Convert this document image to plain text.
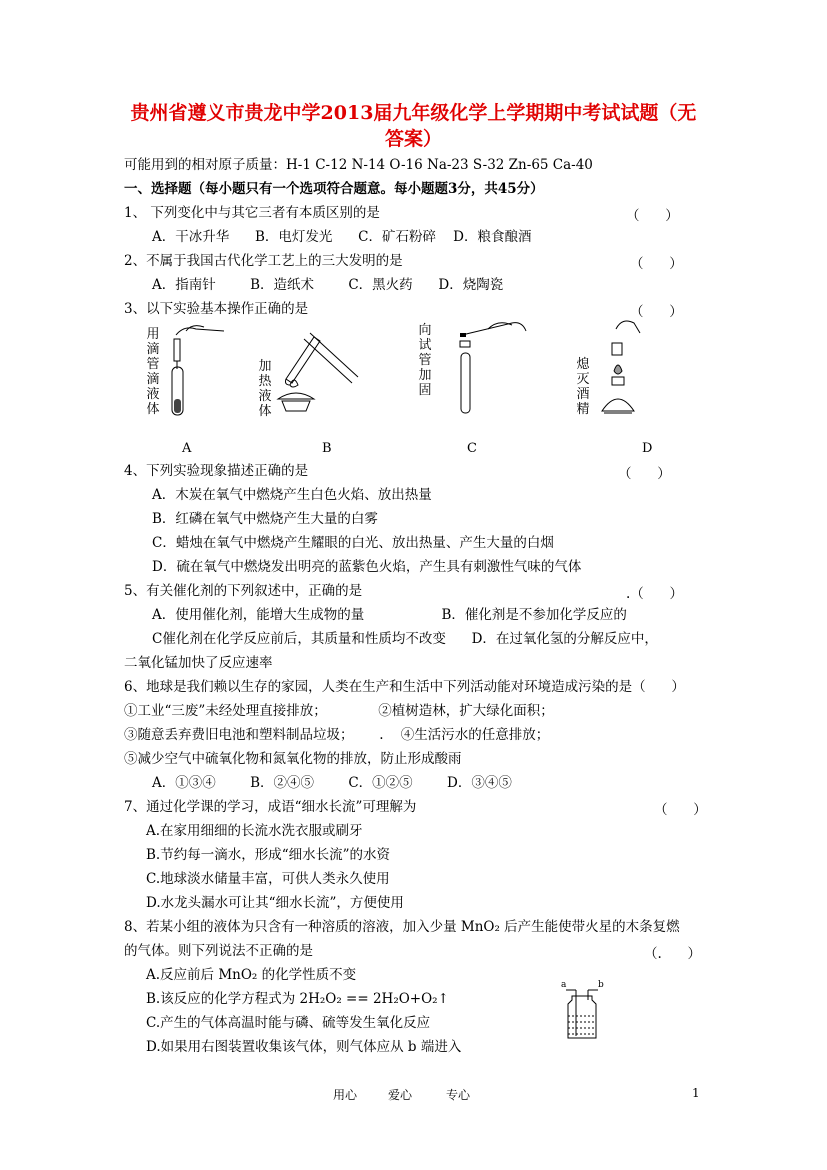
贵州省遵义市贵龙中学2013届九年级化学上学期期中考试试题（无
答案）
可能用到的相对原子质量：H-1 C-12 N-14 O-16 Na-23 S-32 Zn-65 Ca-40
一、选择题（每小题只有一个选项符合题意。每小题题3分，共45分）
1、 下列变化中与其它三者有本质区别的是	（      ）
A．干冰升华      B．电灯发光      C．矿石粉碎    D．粮食酿酒
2、不属于我国古代化学工艺上的三大发明的是	（      ）
A．指南针        B．造纸术        C．黑火药      D．烧陶瓷
3、以下实验基本操作正确的是	（      ）
用滴管滴液体
加热液体
向试管加固
熄灭酒精
A	B	C	D
4、下列实验现象描述正确的是	（      ）
A．木炭在氧气中燃烧产生白色火焰、放出热量
B．红磷在氧气中燃烧产生大量的白雾
C．蜡烛在氧气中燃烧产生耀眼的白光、放出热量、产生大量的白烟
D．硫在氧气中燃烧发出明亮的蓝紫色火焰，产生具有刺激性气味的气体
5、有关催化剂的下列叙述中，正确的是	.（      ）
A．使用催化剂，能增大生成物的量                  B．催化剂是不参加化学反应的
C催化剂在化学反应前后，其质量和性质均不改变      D．在过氧化氢的分解反应中，
二氧化锰加快了反应速率
6、地球是我们赖以生存的家园，人类在生产和生活中下列活动能对环境造成污染的是（      ）
①工业“三废”未经处理直接排放；            ②植树造林，扩大绿化面积；
③随意丢弃费旧电池和塑料制品垃圾；      .    ④生活污水的任意排放；
⑤减少空气中硫氧化物和氮氧化物的排放，防止形成酸雨
A．①③④        B．②④⑤        C．①②⑤        D．③④⑤
7、通过化学课的学习，成语“细水长流”可理解为	（      ）
A.在家用细细的长流水洗衣服或刷牙
B.节约每一滴水，形成“细水长流”的水资
C.地球淡水储量丰富，可供人类永久使用
D.水龙头漏水可让其“细水长流”，方便使用
8、若某小组的液体为只含有一种溶质的溶液，加入少量 MnO₂ 后产生能使带火星的木条复燃
的气体。则下列说法不正确的是	（.      ）
A.反应前后 MnO₂ 的化学性质不变
B.该反应的化学方程式为 2H₂O₂ == 2H₂O+O₂↑
C.产生的气体高温时能与磷、硫等发生氧化反应
D.如果用右图装置收集该气体，则气体应从 b 端进入
a	b
用心	爱心	专心	1
